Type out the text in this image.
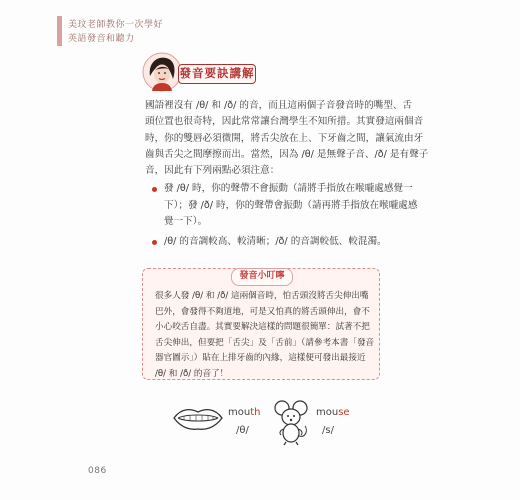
美玟老師教你一次學好
英語發音和聽力
發音要訣講解
國語裡沒有 /θ/ 和 /ð/ 的音，而且這兩個子音發音時的嘴型、舌
頭位置也很奇特，因此常常讓台灣學生不知所措。其實發這兩個音
時，你的雙唇必須微開，將舌尖放在上、下牙齒之間，讓氣流由牙
齒與舌尖之間摩擦而出。當然，因為 /θ/ 是無聲子音、/ð/ 是有聲子
音，因此有下列兩點必須注意：
發 /θ/ 時，你的聲帶不會振動（請將手指放在喉嚨處感覺一
下）；發 /ð/ 時，你的聲帶會振動（請再將手指放在喉嚨處感
覺一下）。
/θ/ 的音調較高、較清晰；/ð/ 的音調較低、較混濁。
發音小叮嚀
很多人發 /θ/ 和 /ð/ 這兩個音時，怕舌頭沒將舌尖伸出嘴
巴外，會發得不夠道地，可是又怕真的將舌頭伸出，會不
小心咬舌自盡。其實要解決這樣的問題很簡單：試著不把
舌尖伸出，但要把「舌尖」及「舌前」（請參考本書「發音
器官圖示」）貼在上排牙齒的內緣，這樣便可發出最接近
/θ/ 和 /ð/ 的音了！
mouth
/θ/
mouse
/s/
086
